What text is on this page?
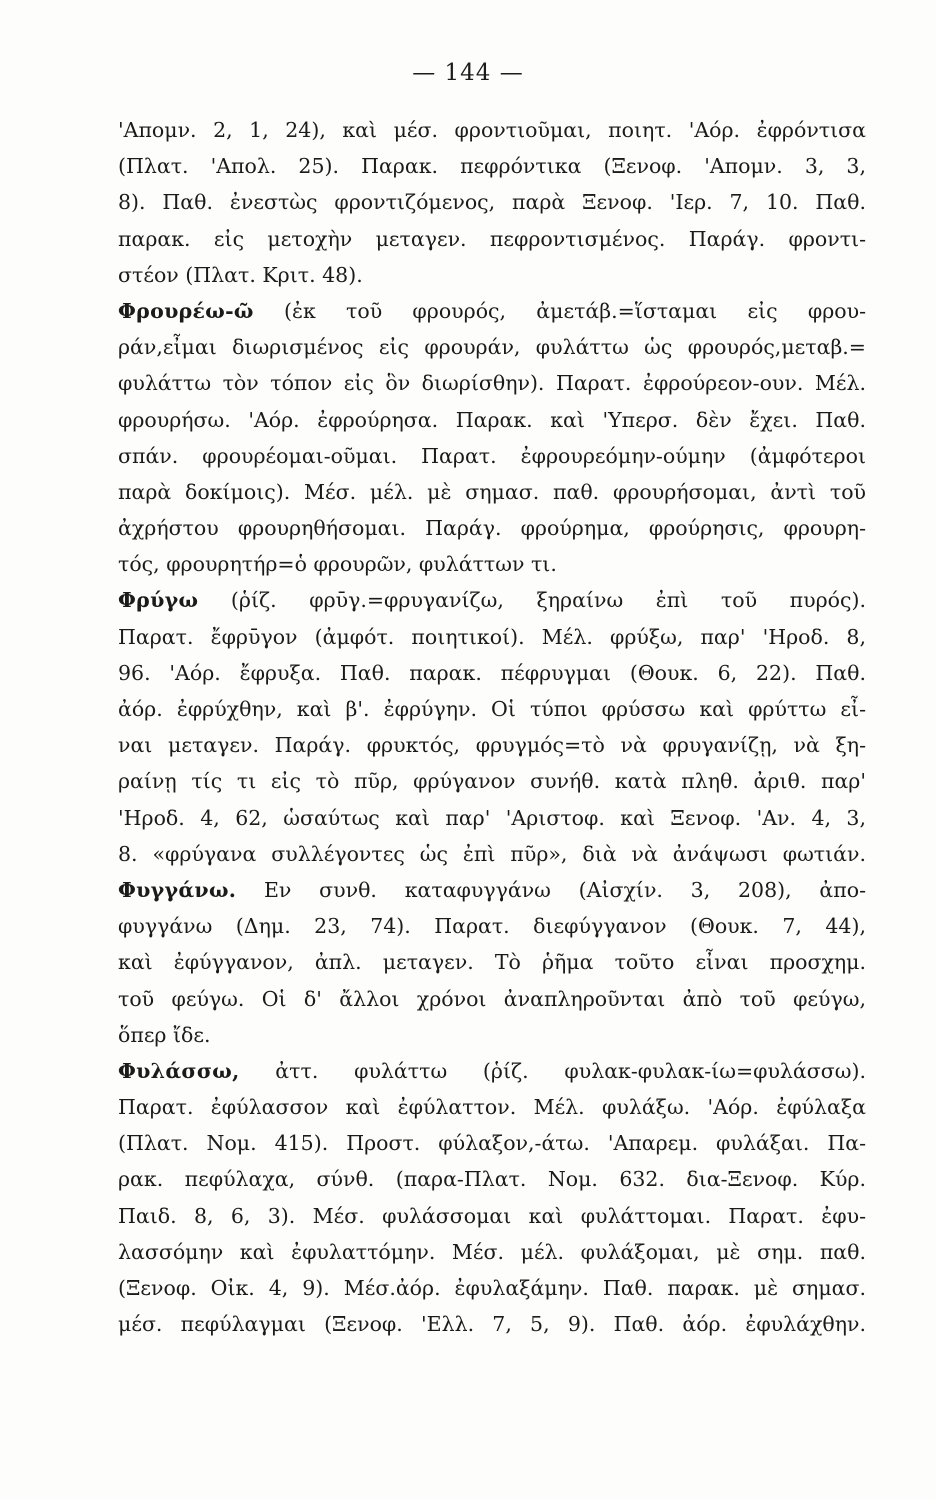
— 144 —
'Απομν. 2, 1, 24), καὶ μέσ. φροντιοῦμαι, ποιητ. 'Αόρ. ἐφρόντισα
(Πλατ. 'Απολ. 25). Παρακ. πεφρόντικα (Ξενοφ. 'Απομν. 3, 3,
8). Παθ. ἐνεστὼς φροντιζόμενος, παρὰ Ξενοφ. 'Ιερ. 7, 10. Παθ.
παρακ. εἰς μετοχὴν μεταγεν. πεφροντισμένος. Παράγ. φροντι-
στέον (Πλατ. Κριτ. 48).
Φρουρέω-ῶ (ἐκ τοῦ φρουρός, ἀμετάβ.=ἵσταμαι εἰς φρου-
ράν,εἶμαι διωρισμένος εἰς φρουράν, φυλάττω ὡς φρουρός,μεταβ.=
φυλάττω τὸν τόπον εἰς ὃν διωρίσθην). Παρατ. ἐφρούρεον-ουν. Μέλ.
φρουρήσω. 'Αόρ. ἐφρούρησα. Παρακ. καὶ 'Υπερσ. δὲν ἔχει. Παθ.
σπάν. φρουρέομαι-οῦμαι. Παρατ. ἐφρουρεόμην-ούμην (ἀμφότεροι
παρὰ δοκίμοις). Μέσ. μέλ. μὲ σημασ. παθ. φρουρήσομαι, ἀντὶ τοῦ
ἀχρήστου φρουρηθήσομαι. Παράγ. φρούρημα, φρούρησις, φρουρη-
τός, φρουρητήρ=ὁ φρουρῶν, φυλάττων τι.
Φρύγω (ῥίζ. φρῡγ.=φρυγανίζω, ξηραίνω ἐπὶ τοῦ πυρός).
Παρατ. ἔφρῡγον (ἀμφότ. ποιητικοί). Μέλ. φρύξω, παρ' 'Ηροδ. 8,
96. 'Αόρ. ἔφρυξα. Παθ. παρακ. πέφρυγμαι (Θουκ. 6, 22). Παθ.
ἀόρ. ἐφρύχθην, καὶ β'. ἐφρύγην. Οἱ τύποι φρύσσω καὶ φρύττω εἶ-
ναι μεταγεν. Παράγ. φρυκτός, φρυγμός=τὸ νὰ φρυγανίζῃ, νὰ ξη-
ραίνῃ τίς τι εἰς τὸ πῦρ, φρύγανον συνήθ. κατὰ πληθ. ἀριθ. παρ'
'Ηροδ. 4, 62, ὡσαύτως καὶ παρ' 'Αριστοφ. καὶ Ξενοφ. 'Αν. 4, 3,
8. «φρύγανα συλλέγοντες ὡς ἐπὶ πῦρ», διὰ νὰ ἀνάψωσι φωτιάν.
Φυγγάνω. Εν συνθ. καταφυγγάνω (Αἰσχίν. 3, 208), ἀπο-
φυγγάνω (Δημ. 23, 74). Παρατ. διεφύγγανον (Θουκ. 7, 44),
καὶ ἐφύγγανον, ἀπλ. μεταγεν. Τὸ ῥῆμα τοῦτο εἶναι προσχημ.
τοῦ φεύγω. Οἱ δ' ἄλλοι χρόνοι ἀναπληροῦνται ἀπὸ τοῦ φεύγω,
ὅπερ ἴδε.
Φυλάσσω, ἀττ. φυλάττω (ῥίζ. φυλακ-φυλακ-ίω=φυλάσσω).
Παρατ. ἐφύλασσον καὶ ἐφύλαττον. Μέλ. φυλάξω. 'Αόρ. ἐφύλαξα
(Πλατ. Νομ. 415). Προστ. φύλαξον,-άτω. 'Απαρεμ. φυλάξαι. Πα-
ρακ. πεφύλαχα, σύνθ. (παρα-Πλατ. Νομ. 632. δια-Ξενοφ. Κύρ.
Παιδ. 8, 6, 3). Μέσ. φυλάσσομαι καὶ φυλάττομαι. Παρατ. ἐφυ-
λασσόμην καὶ ἐφυλαττόμην. Μέσ. μέλ. φυλάξομαι, μὲ σημ. παθ.
(Ξενοφ. Οἰκ. 4, 9). Μέσ.ἀόρ. ἐφυλαξάμην. Παθ. παρακ. μὲ σημασ.
μέσ. πεφύλαγμαι (Ξενοφ. 'Ελλ. 7, 5, 9). Παθ. ἀόρ. ἐφυλάχθην.
